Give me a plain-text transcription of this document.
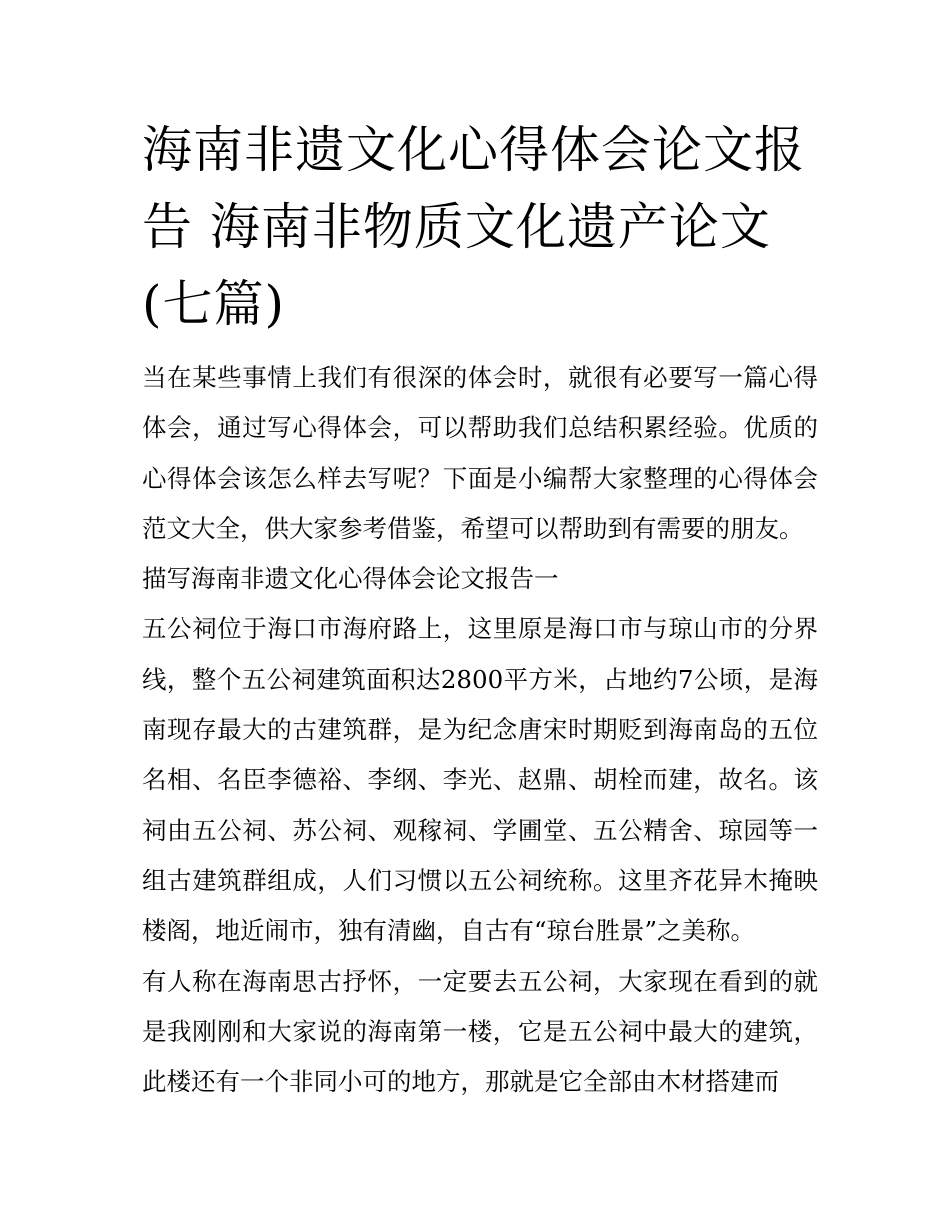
海南非遗文化心得体会论文报告 海南非物质文化遗产论文(七篇)

当在某些事情上我们有很深的体会时，就很有必要写一篇心得体会，通过写心得体会，可以帮助我们总结积累经验。优质的心得体会该怎么样去写呢？下面是小编帮大家整理的心得体会范文大全，供大家参考借鉴，希望可以帮助到有需要的朋友。

描写海南非遗文化心得体会论文报告一

五公祠位于海口市海府路上，这里原是海口市与琼山市的分界线，整个五公祠建筑面积达2800平方米，占地约7公顷，是海南现存最大的古建筑群，是为纪念唐宋时期贬到海南岛的五位名相、名臣李德裕、李纲、李光、赵鼎、胡栓而建，故名。该祠由五公祠、苏公祠、观稼祠、学圃堂、五公精舍、琼园等一组古建筑群组成，人们习惯以五公祠统称。这里齐花异木掩映楼阁，地近闹市，独有清幽，自古有“琼台胜景”之美称。

有人称在海南思古抒怀，一定要去五公祠，大家现在看到的就是我刚刚和大家说的海南第一楼，它是五公祠中最大的建筑，此楼还有一个非同小可的地方，那就是它全部由木材搭建而
